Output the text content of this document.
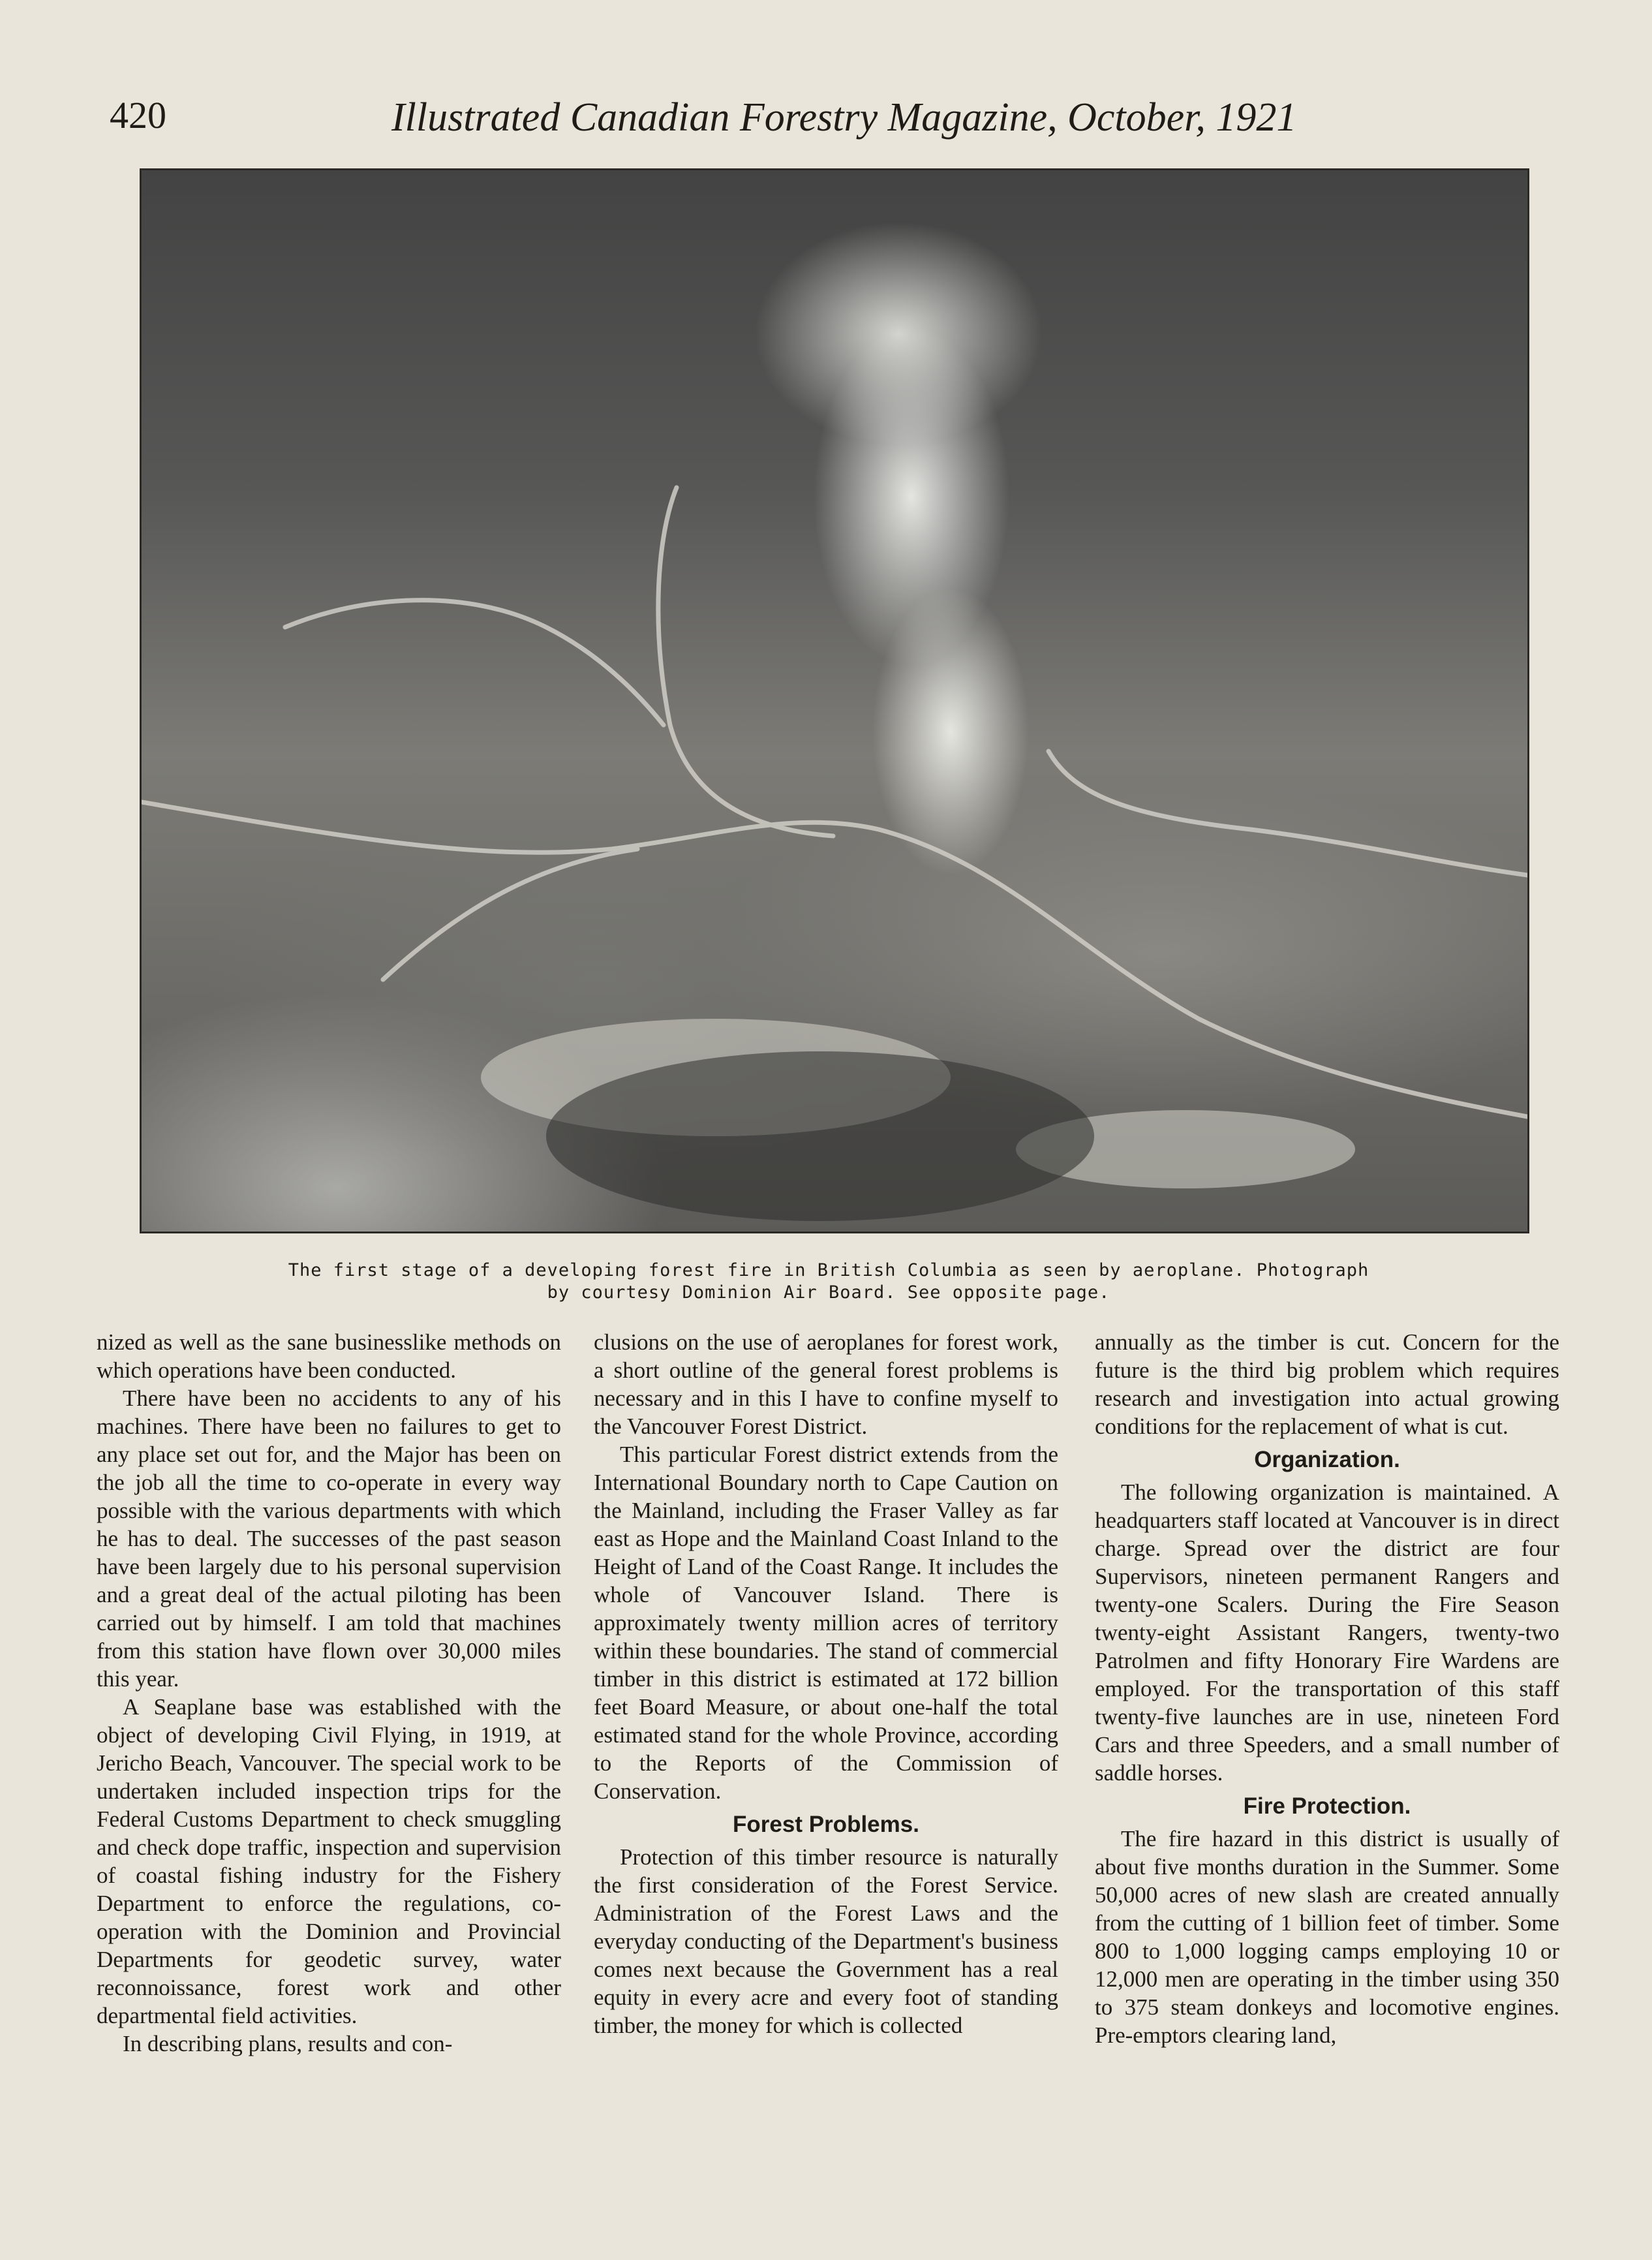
420	Illustrated Canadian Forestry Magazine, October, 1921
The first stage of a developing forest fire in British Columbia as seen by aeroplane. Photograph
by courtesy Dominion Air Board. See opposite page.

nized as well as the sane businesslike methods on which operations have been conducted.

There have been no accidents to any of his machines. There have been no failures to get to any place set out for, and the Major has been on the job all the time to co-operate in every way possible with the various departments with which he has to deal. The successes of the past season have been largely due to his personal supervision and a great deal of the actual piloting has been carried out by himself. I am told that machines from this station have flown over 30,000 miles this year.

A Seaplane base was established with the object of developing Civil Flying, in 1919, at Jericho Beach, Vancouver. The special work to be undertaken included inspection trips for the Federal Customs Department to check smuggling and check dope traffic, inspection and supervision of coastal fishing industry for the Fishery Department to enforce the regulations, co-operation with the Dominion and Provincial Departments for geodetic survey, water reconnoissance, forest work and other departmental field activities.

In describing plans, results and con-

clusions on the use of aeroplanes for forest work, a short outline of the general forest problems is necessary and in this I have to confine myself to the Vancouver Forest District.

This particular Forest district extends from the International Boundary north to Cape Caution on the Mainland, including the Fraser Valley as far east as Hope and the Mainland Coast Inland to the Height of Land of the Coast Range. It includes the whole of Vancouver Island. There is approximately twenty million acres of territory within these boundaries. The stand of commercial timber in this district is estimated at 172 billion feet Board Measure, or about one-half the total estimated stand for the whole Province, according to the Reports of the Commission of Conservation.

Forest Problems.

Protection of this timber resource is naturally the first consideration of the Forest Service. Administration of the Forest Laws and the everyday conducting of the Department's business comes next because the Government has a real equity in every acre and every foot of standing timber, the money for which is collected

annually as the timber is cut. Concern for the future is the third big problem which requires research and investigation into actual growing conditions for the replacement of what is cut.

Organization.

The following organization is maintained. A headquarters staff located at Vancouver is in direct charge. Spread over the district are four Supervisors, nineteen permanent Rangers and twenty-one Scalers. During the Fire Season twenty-eight Assistant Rangers, twenty-two Patrolmen and fifty Honorary Fire Wardens are employed. For the transportation of this staff twenty-five launches are in use, nineteen Ford Cars and three Speeders, and a small number of saddle horses.

Fire Protection.

The fire hazard in this district is usually of about five months duration in the Summer. Some 50,000 acres of new slash are created annually from the cutting of 1 billion feet of timber. Some 800 to 1,000 logging camps employing 10 or 12,000 men are operating in the timber using 350 to 375 steam donkeys and locomotive engines. Pre-emptors clearing land,
